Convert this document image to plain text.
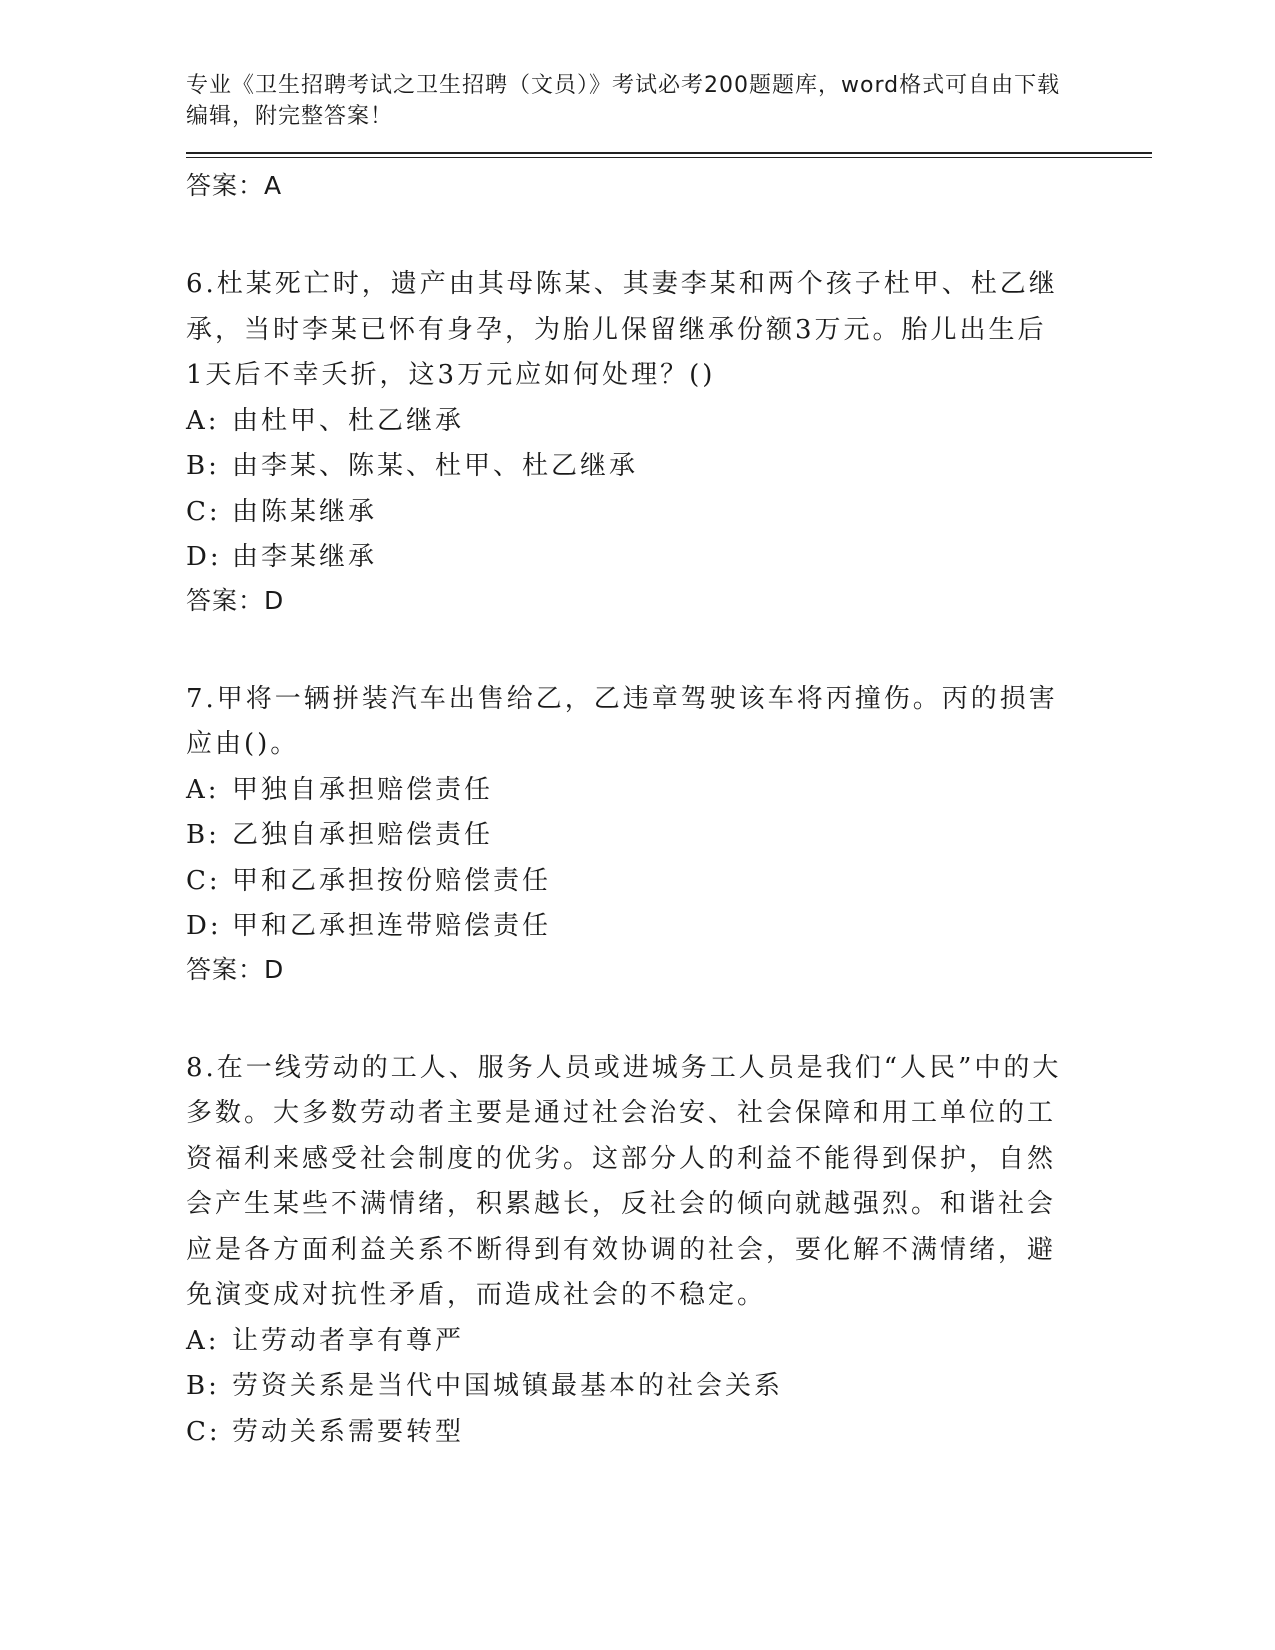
专业《卫生招聘考试之卫生招聘（文员）》考试必考200题题库，word格式可自由下载编辑，附完整答案！

答案：A

6.杜某死亡时，遗产由其母陈某、其妻李某和两个孩子杜甲、杜乙继承，当时李某已怀有身孕，为胎儿保留继承份额3万元。胎儿出生后1天后不幸夭折，这3万元应如何处理？()

A: 由杜甲、杜乙继承

B: 由李某、陈某、杜甲、杜乙继承

C: 由陈某继承

D: 由李某继承

答案：D

7.甲将一辆拼装汽车出售给乙，乙违章驾驶该车将丙撞伤。丙的损害应由()。

A: 甲独自承担赔偿责任

B: 乙独自承担赔偿责任

C: 甲和乙承担按份赔偿责任

D: 甲和乙承担连带赔偿责任

答案：D

8.在一线劳动的工人、服务人员或进城务工人员是我们“人民”中的大多数。大多数劳动者主要是通过社会治安、社会保障和用工单位的工资福利来感受社会制度的优劣。这部分人的利益不能得到保护，自然会产生某些不满情绪，积累越长，反社会的倾向就越强烈。和谐社会应是各方面利益关系不断得到有效协调的社会，要化解不满情绪，避免演变成对抗性矛盾，而造成社会的不稳定。

A: 让劳动者享有尊严

B: 劳资关系是当代中国城镇最基本的社会关系

C: 劳动关系需要转型
